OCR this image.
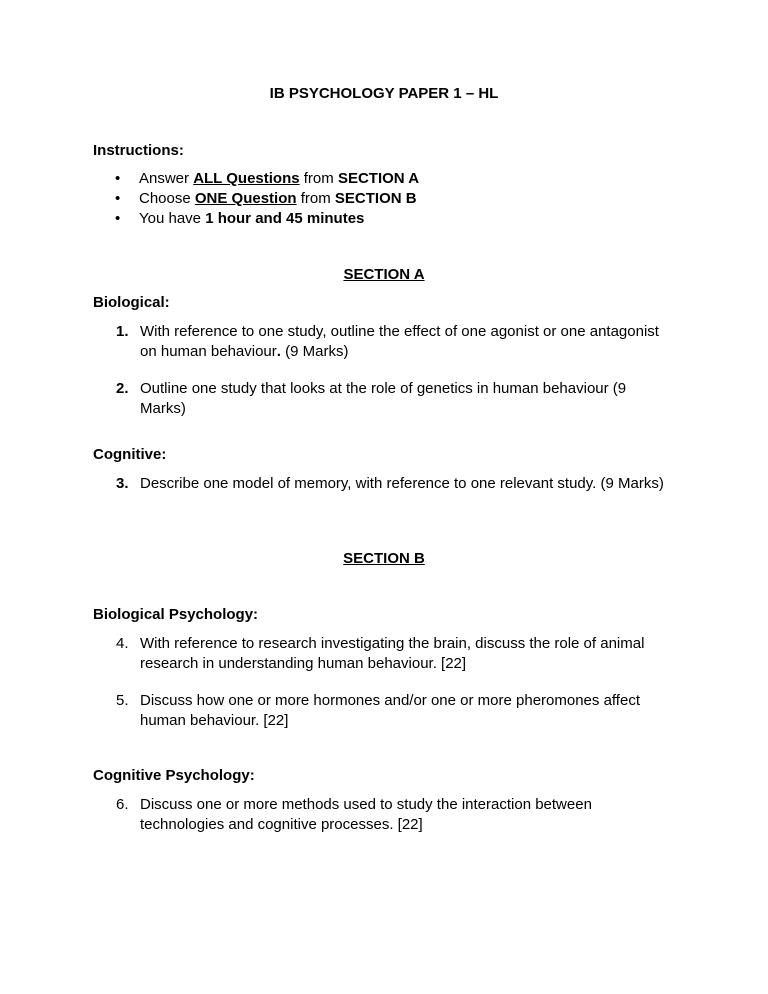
IB PSYCHOLOGY PAPER 1 – HL
Instructions:
• Answer ALL Questions from SECTION A
• Choose ONE Question from SECTION B
• You have 1 hour and 45 minutes
SECTION A
Biological:
1. With reference to one study, outline the effect of one agonist or one antagonist on human behaviour. (9 Marks)
2. Outline one study that looks at the role of genetics in human behaviour (9 Marks)
Cognitive:
3. Describe one model of memory, with reference to one relevant study. (9 Marks)
SECTION B
Biological Psychology:
4. With reference to research investigating the brain, discuss the role of animal research in understanding human behaviour. [22]
5. Discuss how one or more hormones and/or one or more pheromones affect human behaviour. [22]
Cognitive Psychology:
6. Discuss one or more methods used to study the interaction between technologies and cognitive processes. [22]
